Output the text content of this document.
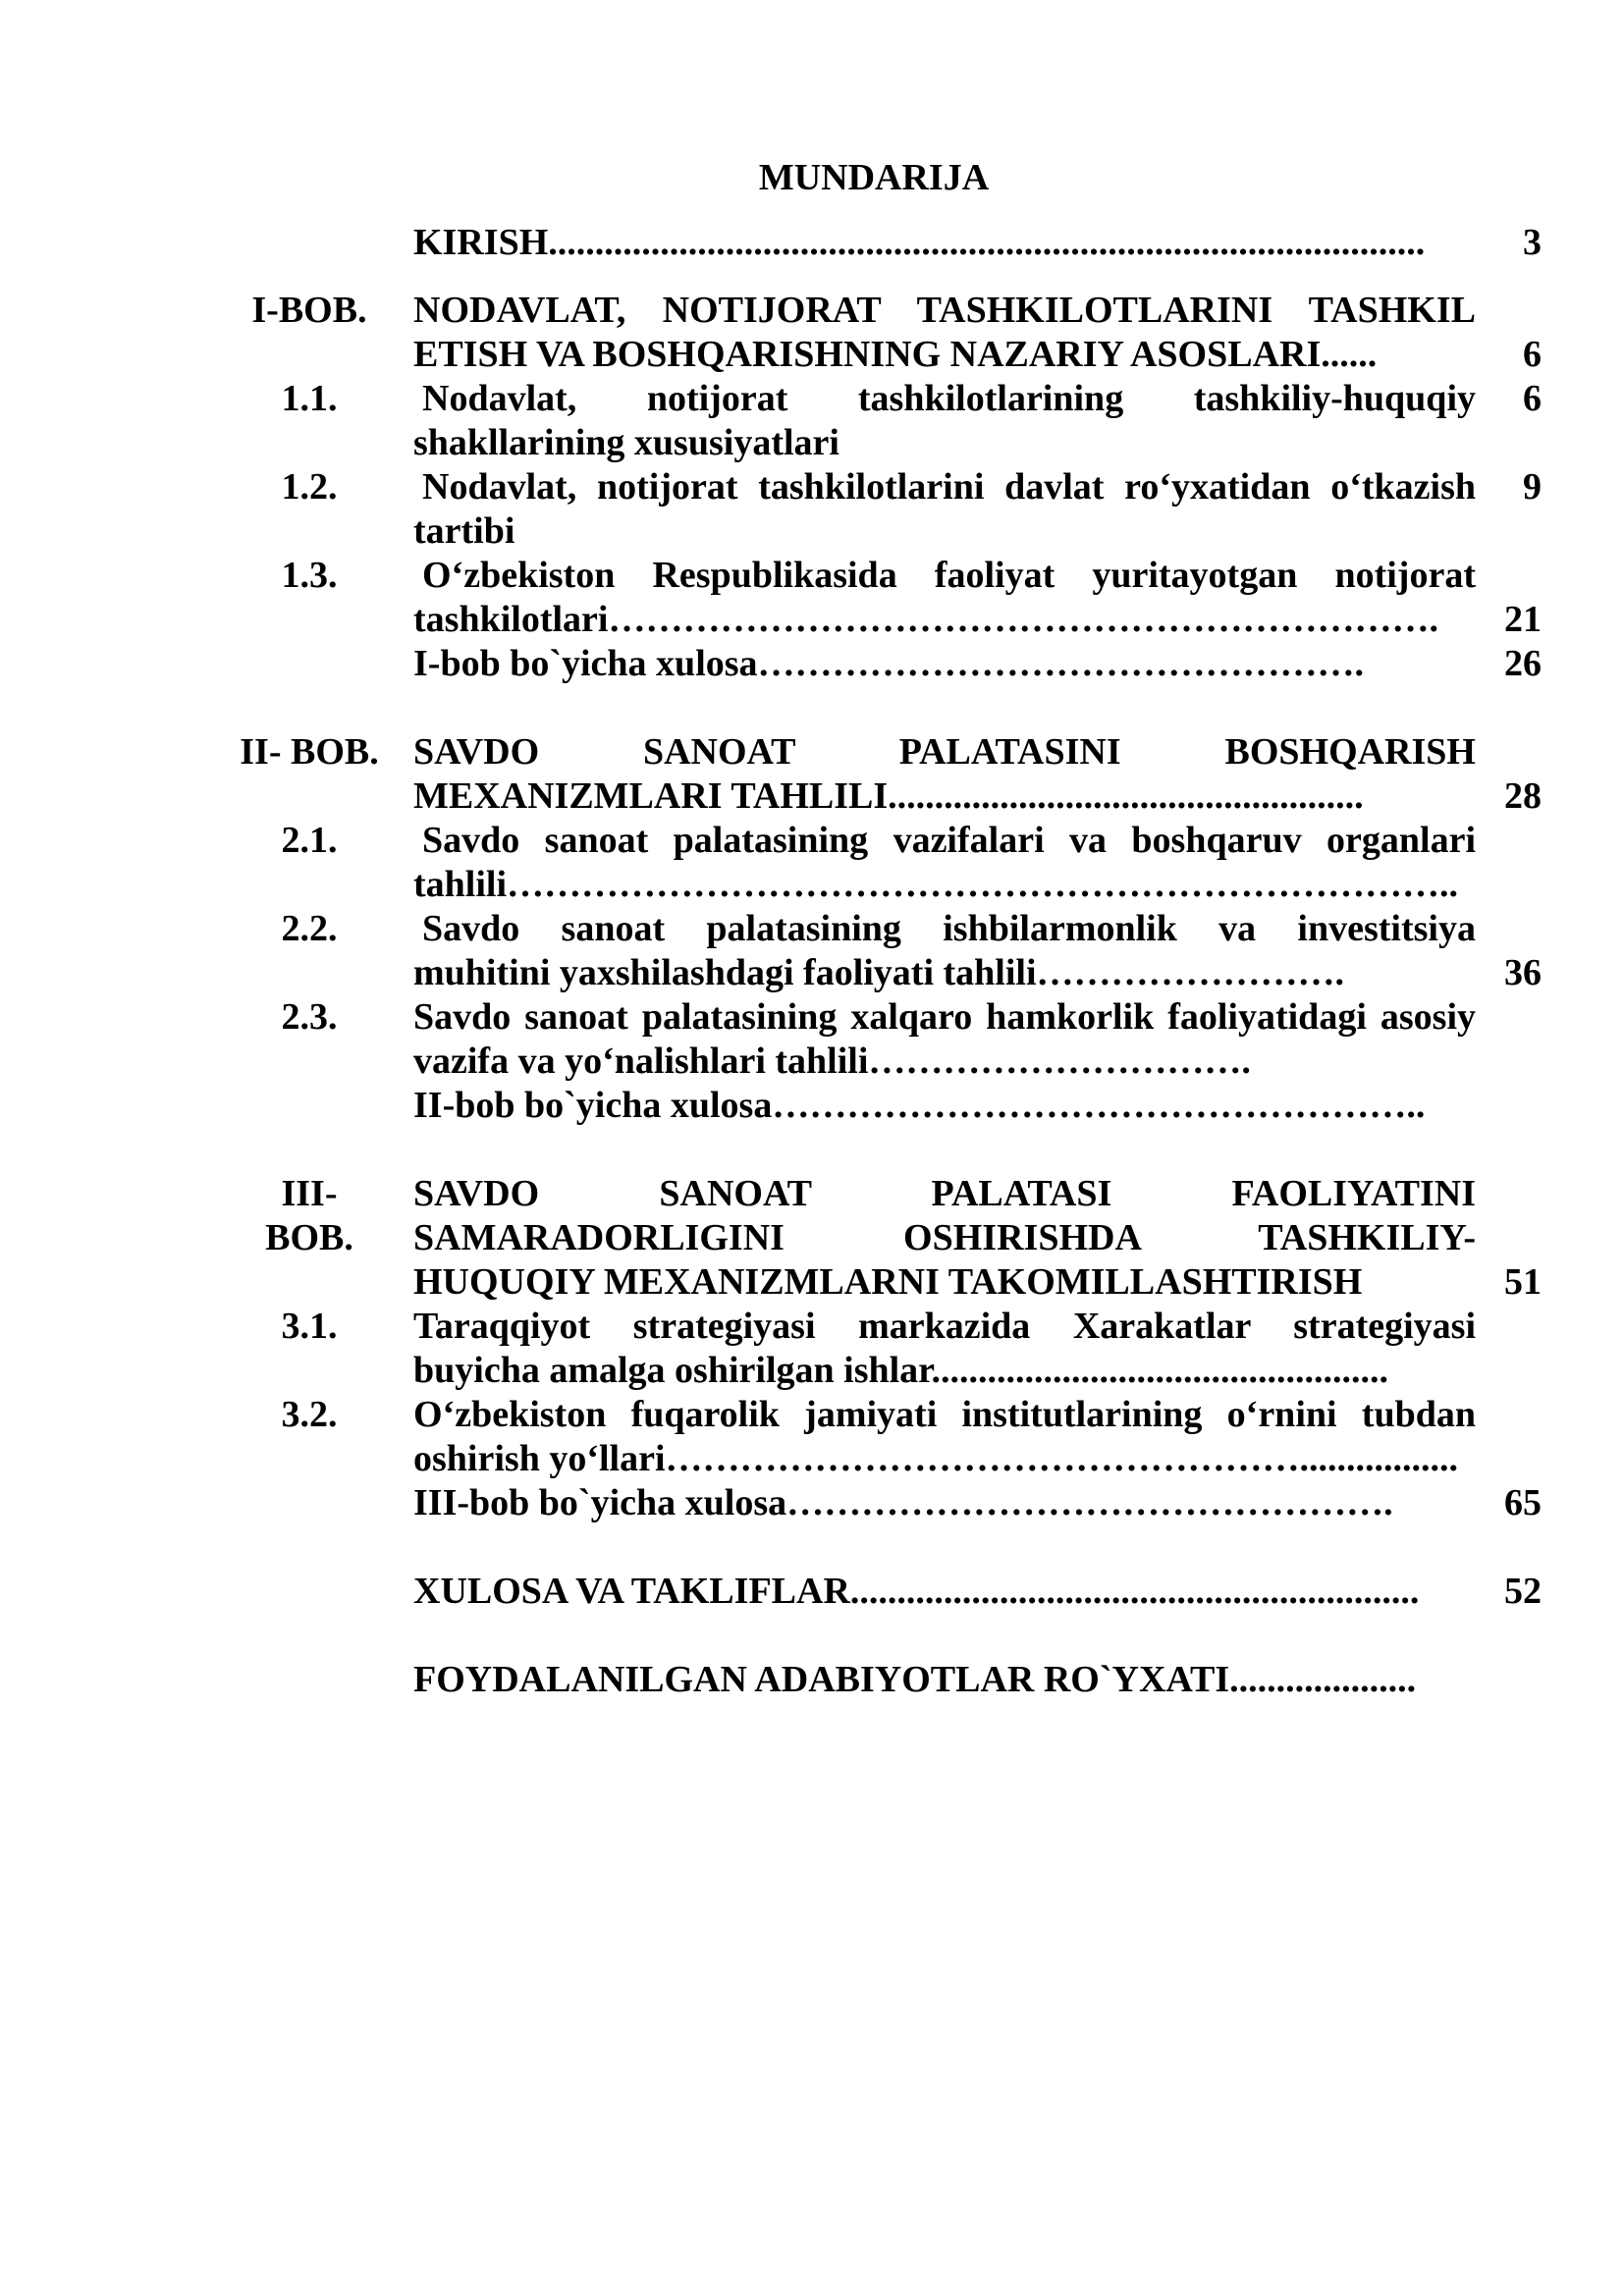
MUNDARIJA
KIRISH..............................................................................................	3
I-BOB.	NODAVLAT, NOTIJORAT TASHKILOTLARINI TASHKIL
ETISH VA BOSHQARISHNING NAZARIY ASOSLARI......	6
1.1.	Nodavlat, notijorat tashkilotlarining tashkiliy-huquqiy	6
shakllarining xususiyatlari
1.2.	Nodavlat, notijorat tashkilotlarini davlat ro‘yxatidan o‘tkazish	9
tartibi
1.3.	O‘zbekiston Respublikasida faoliyat yuritayotgan notijorat
tashkilotlari………………………………………………………….	21
I-bob bo`yicha xulosa………………………………………….	26
II- BOB. SAVDO SANOAT PALATASINI BOSHQARISH
MEXANIZMLARI TAHLILI...................................................	28
2.1.	Savdo sanoat palatasining vazifalari va boshqaruv organlari
tahlili…………………………………………………………………..
2.2.	Savdo sanoat palatasining ishbilarmonlik va investitsiya
muhitini yaxshilashdagi faoliyati tahlili…………………….	36
2.3.	Savdo sanoat palatasining xalqaro hamkorlik faoliyatidagi asosiy
vazifa va yo‘nalishlari tahlili………………………….
II-bob bo`yicha xulosa……………………………………………..
III-	SAVDO SANOAT PALATASI FAOLIYATINI
BOB.	SAMARADORLIGINI OSHIRISHDA TASHKILIY-
HUQUQIY MEXANIZMLARNI TAKOMILLASHTIRISH	51
3.1.	Taraqqiyot strategiyasi markazida Xarakatlar strategiyasi
buyicha amalga oshirilgan ishlar.................................................
3.2.	O‘zbekiston fuqarolik jamiyati institutlarining o‘rnini tubdan
oshirish yo‘llari…………………………………………….................
III-bob bo`yicha xulosa………………………………………….	65
XULOSA VA TAKLIFLAR.............................................................	52
FOYDALANILGAN ADABIYOTLAR RO`YXATI....................
